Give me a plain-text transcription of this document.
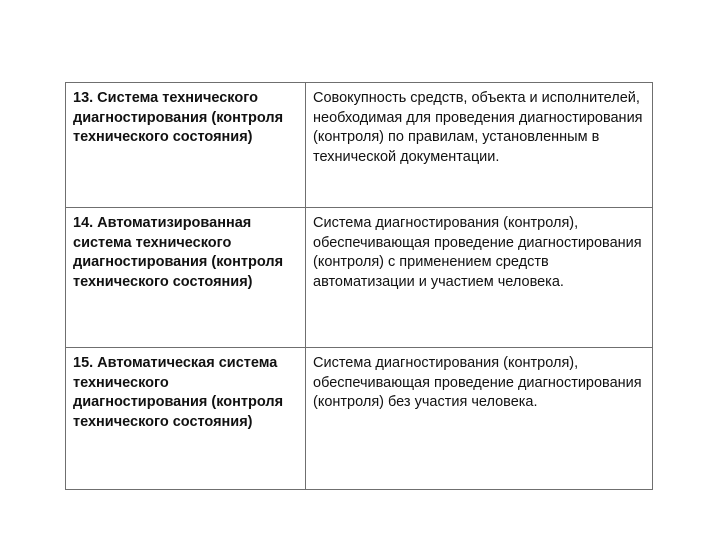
13. Система технического диагностирования (контроля технического состояния)	Совокупность средств, объекта и исполнителей, необходимая для проведения диагностирования (контроля) по правилам, установленным в технической документации.
14. Автоматизированная система технического диагностирования (контроля технического состояния)	Система диагностирования (контроля), обеспечивающая проведение диагностирования (контроля) с применением средств автоматизации и участием человека.
15. Автоматическая система технического диагностирования (контроля технического состояния)	Система диагностирования (контроля), обеспечивающая проведение диагностирования (контроля) без участия человека.
